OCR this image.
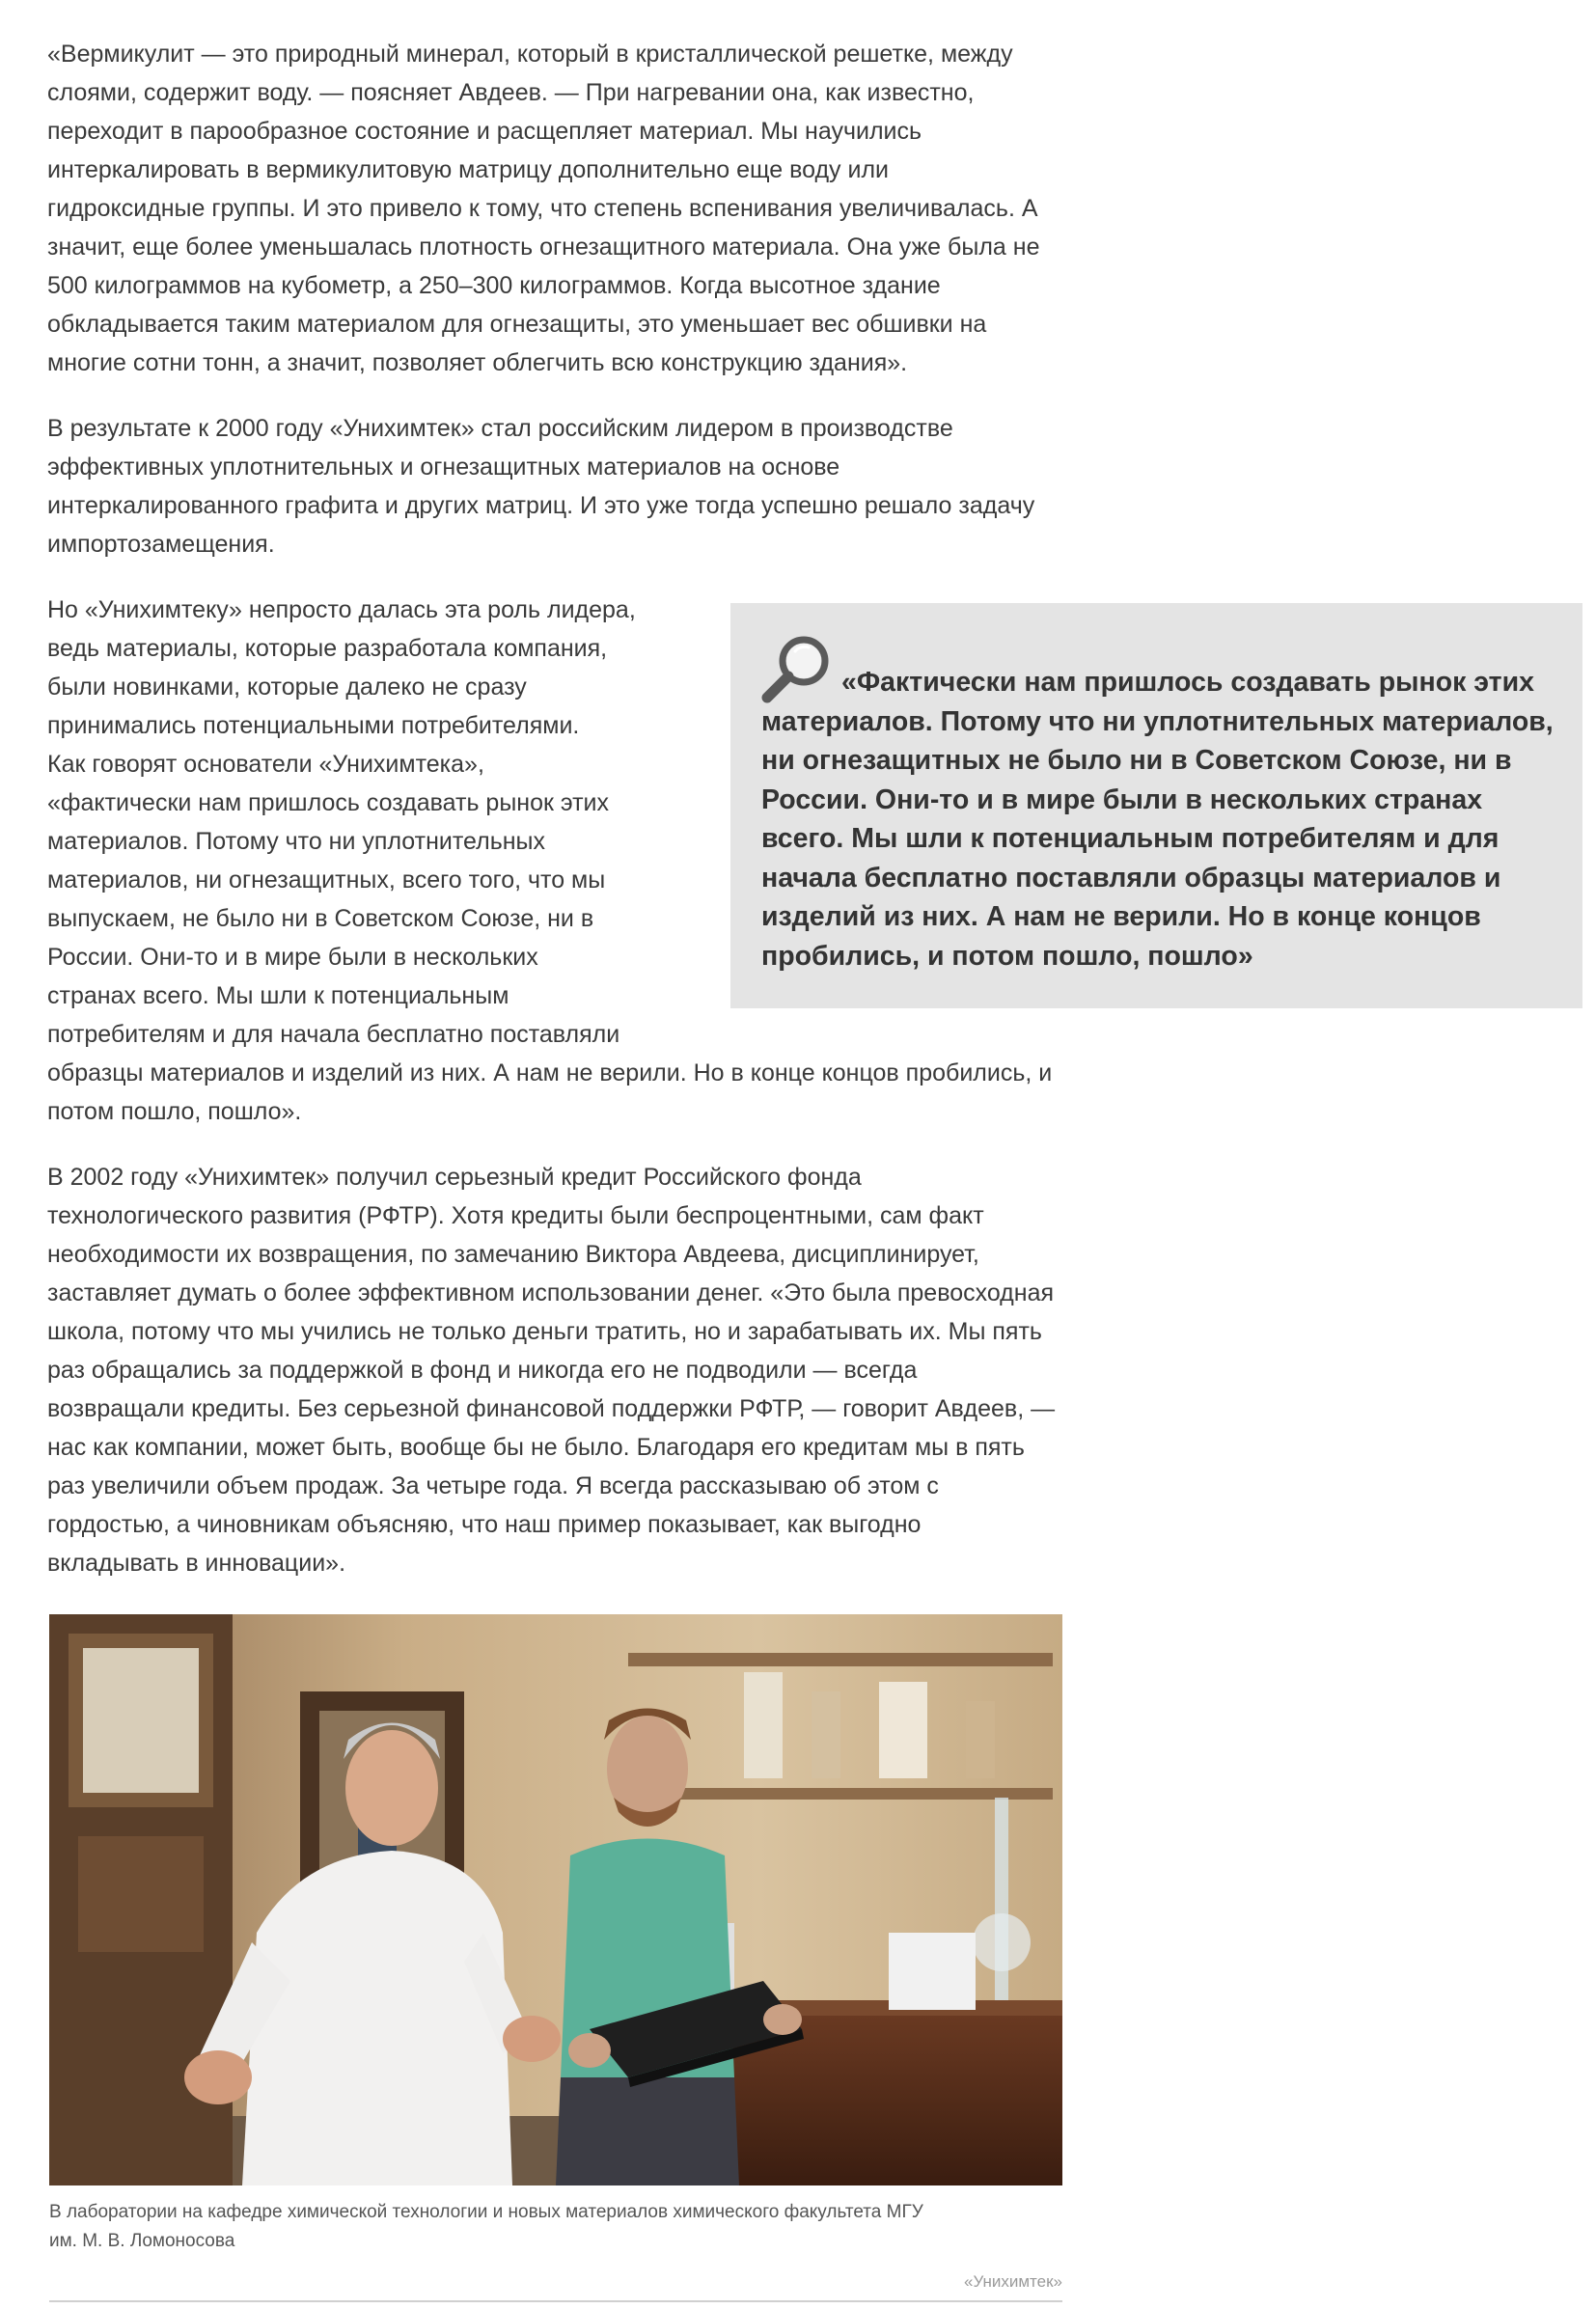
«Вермикулит — это природный минерал, который в кристаллической решетке, между
слоями, содержит воду. — поясняет Авдеев. — При нагревании она, как известно,
переходит в парообразное состояние и расщепляет материал. Мы научились
интеркалировать в вермикулитовую матрицу дополнительно еще воду или
гидроксидные группы. И это привело к тому, что степень вспенивания увеличивалась. А
значит, еще более уменьшалась плотность огнезащитного материала. Она уже была не
500 килограммов на кубометр, а 250–300 килограммов. Когда высотное здание
обкладывается таким материалом для огнезащиты, это уменьшает вес обшивки на
многие сотни тонн, а значит, позволяет облегчить всю конструкцию здания».

В результате к 2000 году «Унихимтек» стал российским лидером в производстве
эффективных уплотнительных и огнезащитных материалов на основе
интеркалированного графита и других матриц. И это уже тогда успешно решало задачу
импортозамещения.

Но «Унихимтеку» непросто далась эта роль лидера,
ведь материалы, которые разработала компания,
были новинками, которые далеко не сразу
принимались потенциальными потребителями.
Как говорят основатели «Унихимтека»,
«фактически нам пришлось создавать рынок этих
материалов. Потому что ни уплотнительных
материалов, ни огнезащитных, всего того, что мы
выпускаем, не было ни в Советском Союзе, ни в
России. Они-то и в мире были в нескольких
странах всего. Мы шли к потенциальным
потребителям и для начала бесплатно поставляли
образцы материалов и изделий из них. А нам не верили. Но в конце концов пробились, и
потом пошло, пошло».

«Фактически нам пришлось создавать рынок этих материалов. Потому что ни уплотнительных материалов, ни огнезащитных не было ни в Советском Союзе, ни в России. Они-то и в мире были в нескольких странах всего. Мы шли к потенциальным потребителям и для начала бесплатно поставляли образцы материалов и изделий из них. А нам не верили. Но в конце концов пробились, и потом пошло, пошло»

В 2002 году «Унихимтек» получил серьезный кредит Российского фонда
технологического развития (РФТР). Хотя кредиты были беспроцентными, сам факт
необходимости их возвращения, по замечанию Виктора Авдеева, дисциплинирует,
заставляет думать о более эффективном использовании денег. «Это была превосходная
школа, потому что мы учились не только деньги тратить, но и зарабатывать их. Мы пять
раз обращались за поддержкой в фонд и никогда его не подводили — всегда
возвращали кредиты. Без серьезной финансовой поддержки РФТР, — говорит Авдеев, —
нас как компании, может быть, вообще бы не было. Благодаря его кредитам мы в пять
раз увеличили объем продаж. За четыре года. Я всегда рассказываю об этом с
гордостью, а чиновникам объясняю, что наш пример показывает, как выгодно
вкладывать в инновации».

В лаборатории на кафедре химической технологии и новых материалов химического факультета МГУ
им. М. В. Ломоносова

«Унихимтек»
